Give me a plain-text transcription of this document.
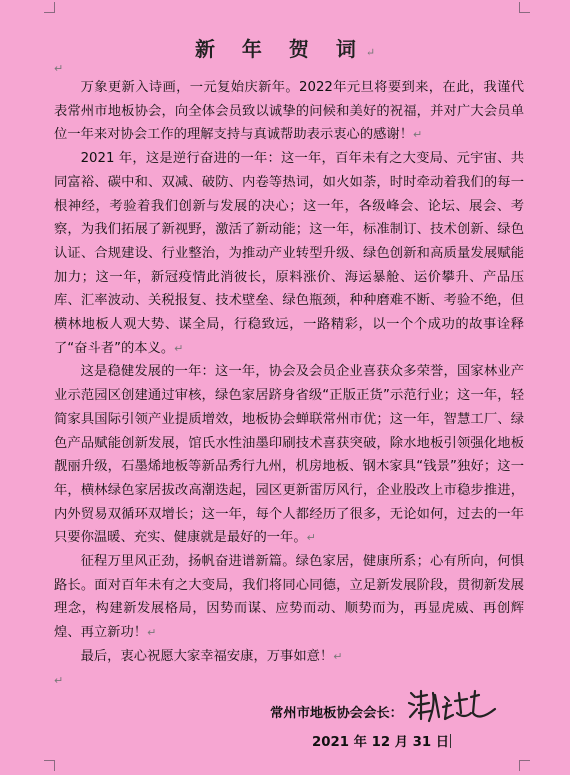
新 年 贺 词↵
↵

万象更新入诗画，一元复始庆新年。2022年元旦将要到来，在此，我谨代表常州市地板协会，向全体会员致以诚挚的问候和美好的祝福，并对广大会员单位一年来对协会工作的理解支持与真诚帮助表示衷心的感谢！↵

2021 年，这是逆行奋进的一年：这一年，百年未有之大变局、元宇宙、共同富裕、碳中和、双减、破防、内卷等热词，如火如荼，时时牵动着我们的每一根神经，考验着我们创新与发展的决心；这一年，各级峰会、论坛、展会、考察，为我们拓展了新视野，激活了新动能；这一年，标准制订、技术创新、绿色认证、合规建设、行业整治，为推动产业转型升级、绿色创新和高质量发展赋能加力；这一年，新冠疫情此消彼长，原料涨价、海运暴舱、运价攀升、产品压库、汇率波动、关税报复、技术壁垒、绿色瓶颈，种种磨难不断、考验不绝，但横林地板人观大势、谋全局，行稳致远，一路精彩，以一个个成功的故事诠释了“奋斗者”的本义。↵

这是稳健发展的一年：这一年，协会及会员企业喜获众多荣誉，国家林业产业示范园区创建通过审核，绿色家居跻身省级“正版正货”示范行业；这一年，轻简家具国际引领产业提质增效，地板协会蝉联常州市优；这一年，智慧工厂、绿色产品赋能创新发展，馆氏水性油墨印刷技术喜获突破，除水地板引领强化地板靓丽升级，石墨烯地板等新品秀行九州，机房地板、钢木家具“钱景”独好；这一年，横林绿色家居拔改高潮迭起，园区更新雷厉风行，企业股改上市稳步推进，内外贸易双循环双增长；这一年，每个人都经历了很多，无论如何，过去的一年只要你温暖、充实、健康就是最好的一年。↵

征程万里风正劲，扬帆奋进谱新篇。绿色家居，健康所系；心有所向，何惧路长。面对百年未有之大变局，我们将同心同德，立足新发展阶段，贯彻新发展理念，构建新发展格局，因势而谋、应势而动、顺势而为，再显虎威、再创辉煌、再立新功！↵

最后，衷心祝愿大家幸福安康，万事如意！↵

↵

常州市地板协会会长：
2021 年 12 月 31 日
